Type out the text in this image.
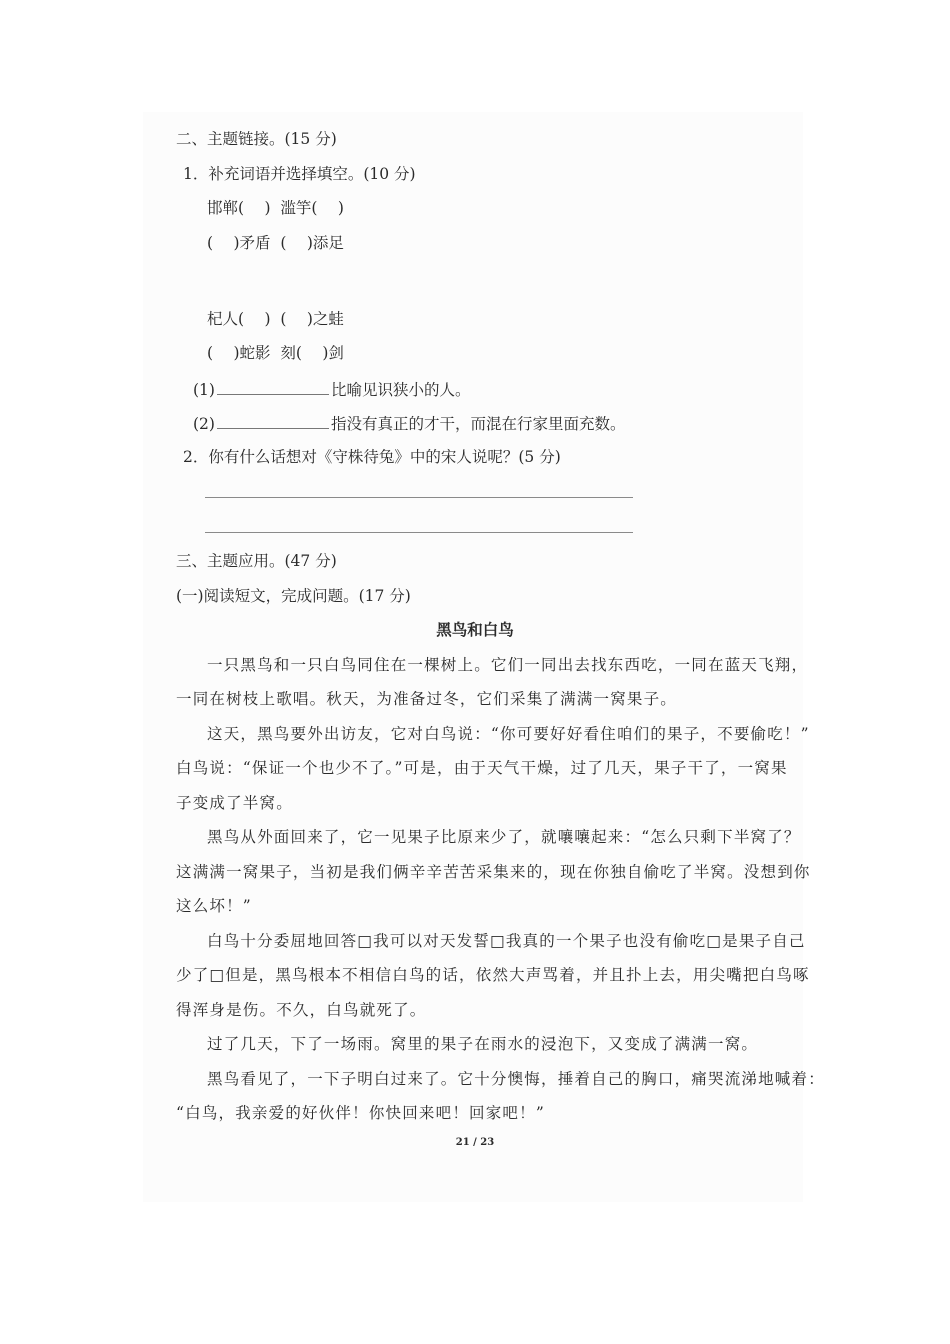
二、主题链接。(15 分)
1．补充词语并选择填空。(10 分)
邯郸(　 )  滥竽(　 )
(　 )矛盾  (　 )添足
杞人(　 )  (　 )之蛙
(　 )蛇影  刻(　 )剑
(1)	比喻见识狭小的人。
(2)	指没有真正的才干，而混在行家里面充数。
2．你有什么话想对《守株待兔》中的宋人说呢？(5 分)
三、主题应用。(47 分)
(一)阅读短文，完成问题。(17 分)
黑鸟和白鸟
一只黑鸟和一只白鸟同住在一棵树上。它们一同出去找东西吃，一同在蓝天飞翔，
一同在树枝上歌唱。秋天，为准备过冬，它们采集了满满一窝果子。
这天，黑鸟要外出访友，它对白鸟说：“你可要好好看住咱们的果子，不要偷吃！”
白鸟说：“保证一个也少不了。”可是，由于天气干燥，过了几天，果子干了，一窝果
子变成了半窝。
黑鸟从外面回来了，它一见果子比原来少了，就嚷嚷起来：“怎么只剩下半窝了？
这满满一窝果子，当初是我们俩辛辛苦苦采集来的，现在你独自偷吃了半窝。没想到你
这么坏！”
白鸟十分委屈地回答□我可以对天发誓□我真的一个果子也没有偷吃□是果子自己
少了□但是，黑鸟根本不相信白鸟的话，依然大声骂着，并且扑上去，用尖嘴把白鸟啄
得浑身是伤。不久，白鸟就死了。
过了几天，下了一场雨。窝里的果子在雨水的浸泡下，又变成了满满一窝。
黑鸟看见了，一下子明白过来了。它十分懊悔，捶着自己的胸口，痛哭流涕地喊着：
“白鸟，我亲爱的好伙伴！你快回来吧！回家吧！”
21 / 23
